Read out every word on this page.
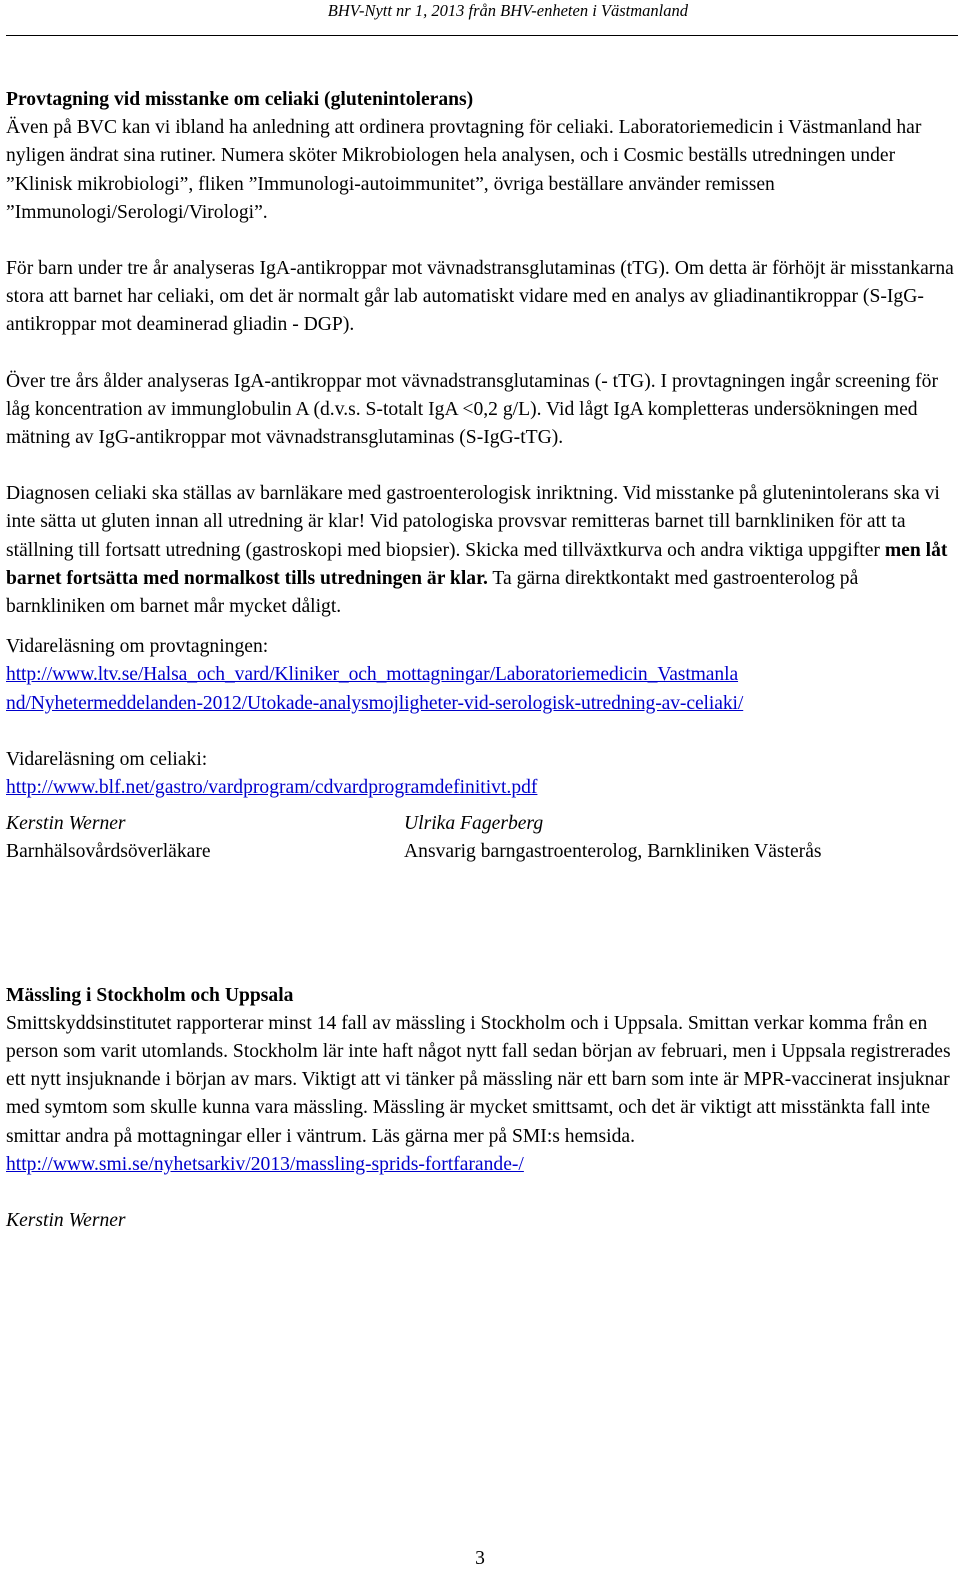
BHV-Nytt nr 1, 2013 från BHV-enheten i Västmanland

Provtagning vid misstanke om celiaki (glutenintolerans)

Även på BVC kan vi ibland ha anledning att ordinera provtagning för celiaki. Laboratoriemedicin i Västmanland har nyligen ändrat sina rutiner. Numera sköter Mikrobiologen hela analysen, och i Cosmic beställs utredningen under ”Klinisk mikrobiologi”, fliken ”Immunologi-autoimmunitet”, övriga beställare använder remissen ”Immunologi/Serologi/Virologi”.

För barn under tre år analyseras IgA-antikroppar mot vävnadstransglutaminas (tTG). Om detta är förhöjt är misstankarna stora att barnet har celiaki, om det är normalt går lab automatiskt vidare med en analys av gliadinantikroppar (S-IgG-antikroppar mot deaminerad gliadin - DGP).

Över tre års ålder analyseras IgA-antikroppar mot vävnadstransglutaminas (- tTG). I provtagningen ingår screening för låg koncentration av immunglobulin A (d.v.s. S-totalt IgA <0,2 g/L). Vid lågt IgA kompletteras undersökningen med mätning av IgG-antikroppar mot vävnadstransglutaminas (S-IgG-tTG).

Diagnosen celiaki ska ställas av barnläkare med gastroenterologisk inriktning. Vid misstanke på glutenintolerans ska vi inte sätta ut gluten innan all utredning är klar! Vid patologiska provsvar remitteras barnet till barnkliniken för att ta ställning till fortsatt utredning (gastroskopi med biopsier). Skicka med tillväxtkurva och andra viktiga uppgifter men låt barnet fortsätta med normalkost tills utredningen är klar. Ta gärna direktkontakt med gastroenterolog på barnkliniken om barnet mår mycket dåligt.

Vidareläsning om provtagningen:

http://www.ltv.se/Halsa_och_vard/Kliniker_och_mottagningar/Laboratoriemedicin_Vastmanla

nd/Nyhetermeddelanden-2012/Utokade-analysmojligheter-vid-serologisk-utredning-av-celiaki/

Vidareläsning om celiaki:

http://www.blf.net/gastro/vardprogram/cdvardprogramdefinitivt.pdf

Kerstin Werner

Barnhälsovårdsöverläkare

Ulrika Fagerberg

Ansvarig barngastroenterolog, Barnkliniken Västerås

Mässling i Stockholm och Uppsala

Smittskyddsinstitutet rapporterar minst 14 fall av mässling i Stockholm och i Uppsala. Smittan verkar komma från en person som varit utomlands. Stockholm lär inte haft något nytt fall sedan början av februari, men i Uppsala registrerades ett nytt insjuknande i början av mars. Viktigt att vi tänker på mässling när ett barn som inte är MPR-vaccinerat insjuknar med symtom som skulle kunna vara mässling. Mässling är mycket smittsamt, och det är viktigt att misstänkta fall inte smittar andra på mottagningar eller i väntrum. Läs gärna mer på SMI:s hemsida. http://www.smi.se/nyhetsarkiv/2013/massling-sprids-fortfarande-/

Kerstin Werner

3
